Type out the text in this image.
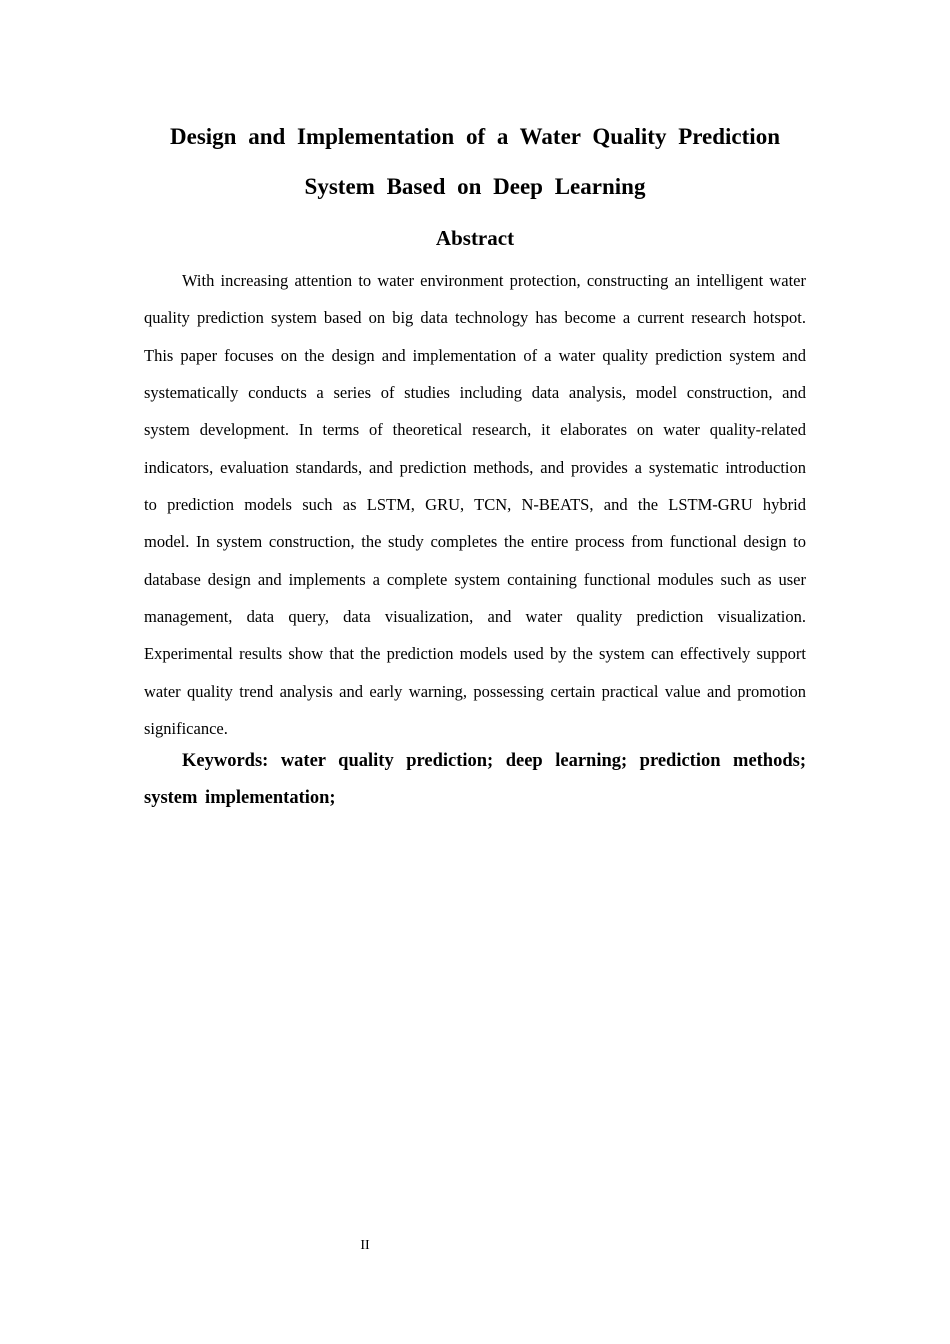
Design and Implementation of a Water Quality Prediction
System Based on Deep Learning
Abstract

With increasing attention to water environment protection, constructing an intelligent water quality prediction system based on big data technology has become a current research hotspot. This paper focuses on the design and implementation of a water quality prediction system and systematically conducts a series of studies including data analysis, model construction, and system development. In terms of theoretical research, it elaborates on water quality-related indicators, evaluation standards, and prediction methods, and provides a systematic introduction to prediction models such as LSTM, GRU, TCN, N-BEATS, and the LSTM-GRU hybrid model. In system construction, the study completes the entire process from functional design to database design and implements a complete system containing functional modules such as user management, data query, data visualization, and water quality prediction visualization. Experimental results show that the prediction models used by the system can effectively support water quality trend analysis and early warning, possessing certain practical value and promotion significance.

Keywords: water quality prediction; deep learning; prediction methods; system implementation;

II
